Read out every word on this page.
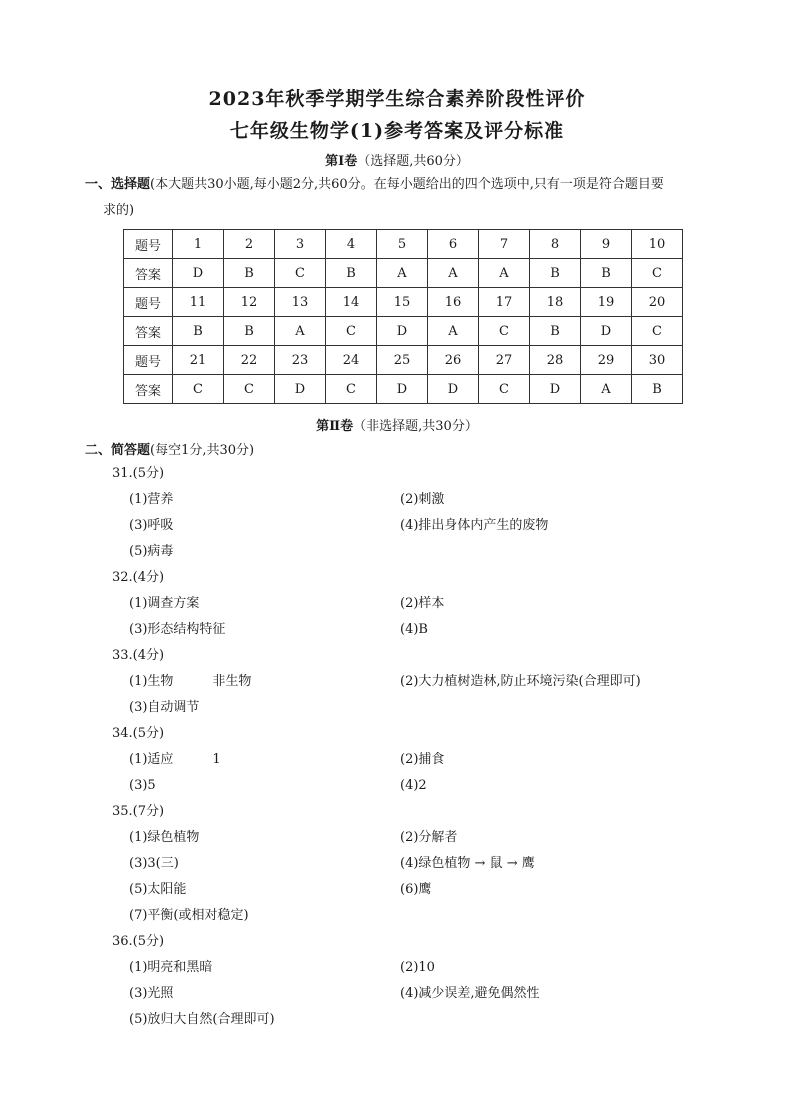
2023年秋季学期学生综合素养阶段性评价
七年级生物学(1)参考答案及评分标准
第Ⅰ卷（选择题,共60分）
一、选择题(本大题共30小题,每小题2分,共60分。在每小题给出的四个选项中,只有一项是符合题目要
求的)
题号	1	2	3	4	5	6	7	8	9	10
答案	D	B	C	B	A	A	A	B	B	C
题号	11	12	13	14	15	16	17	18	19	20
答案	B	B	A	C	D	A	C	B	D	C
题号	21	22	23	24	25	26	27	28	29	30
答案	C	C	D	C	D	D	C	D	A	B
第Ⅱ卷（非选择题,共30分）
二、简答题(每空1分,共30分)
31.(5分)
(1)营养	(2)刺激
(3)呼吸	(4)排出身体内产生的废物
(5)病毒
32.(4分)
(1)调查方案	(2)样本
(3)形态结构特征	(4)B
33.(4分)
(1)生物　　　非生物	(2)大力植树造林,防止环境污染(合理即可)
(3)自动调节
34.(5分)
(1)适应　　　1	(2)捕食
(3)5	(4)2
35.(7分)
(1)绿色植物	(2)分解者
(3)3(三)	(4)绿色植物 → 鼠 → 鹰
(5)太阳能	(6)鹰
(7)平衡(或相对稳定)
36.(5分)
(1)明亮和黑暗	(2)10
(3)光照	(4)减少误差,避免偶然性
(5)放归大自然(合理即可)
